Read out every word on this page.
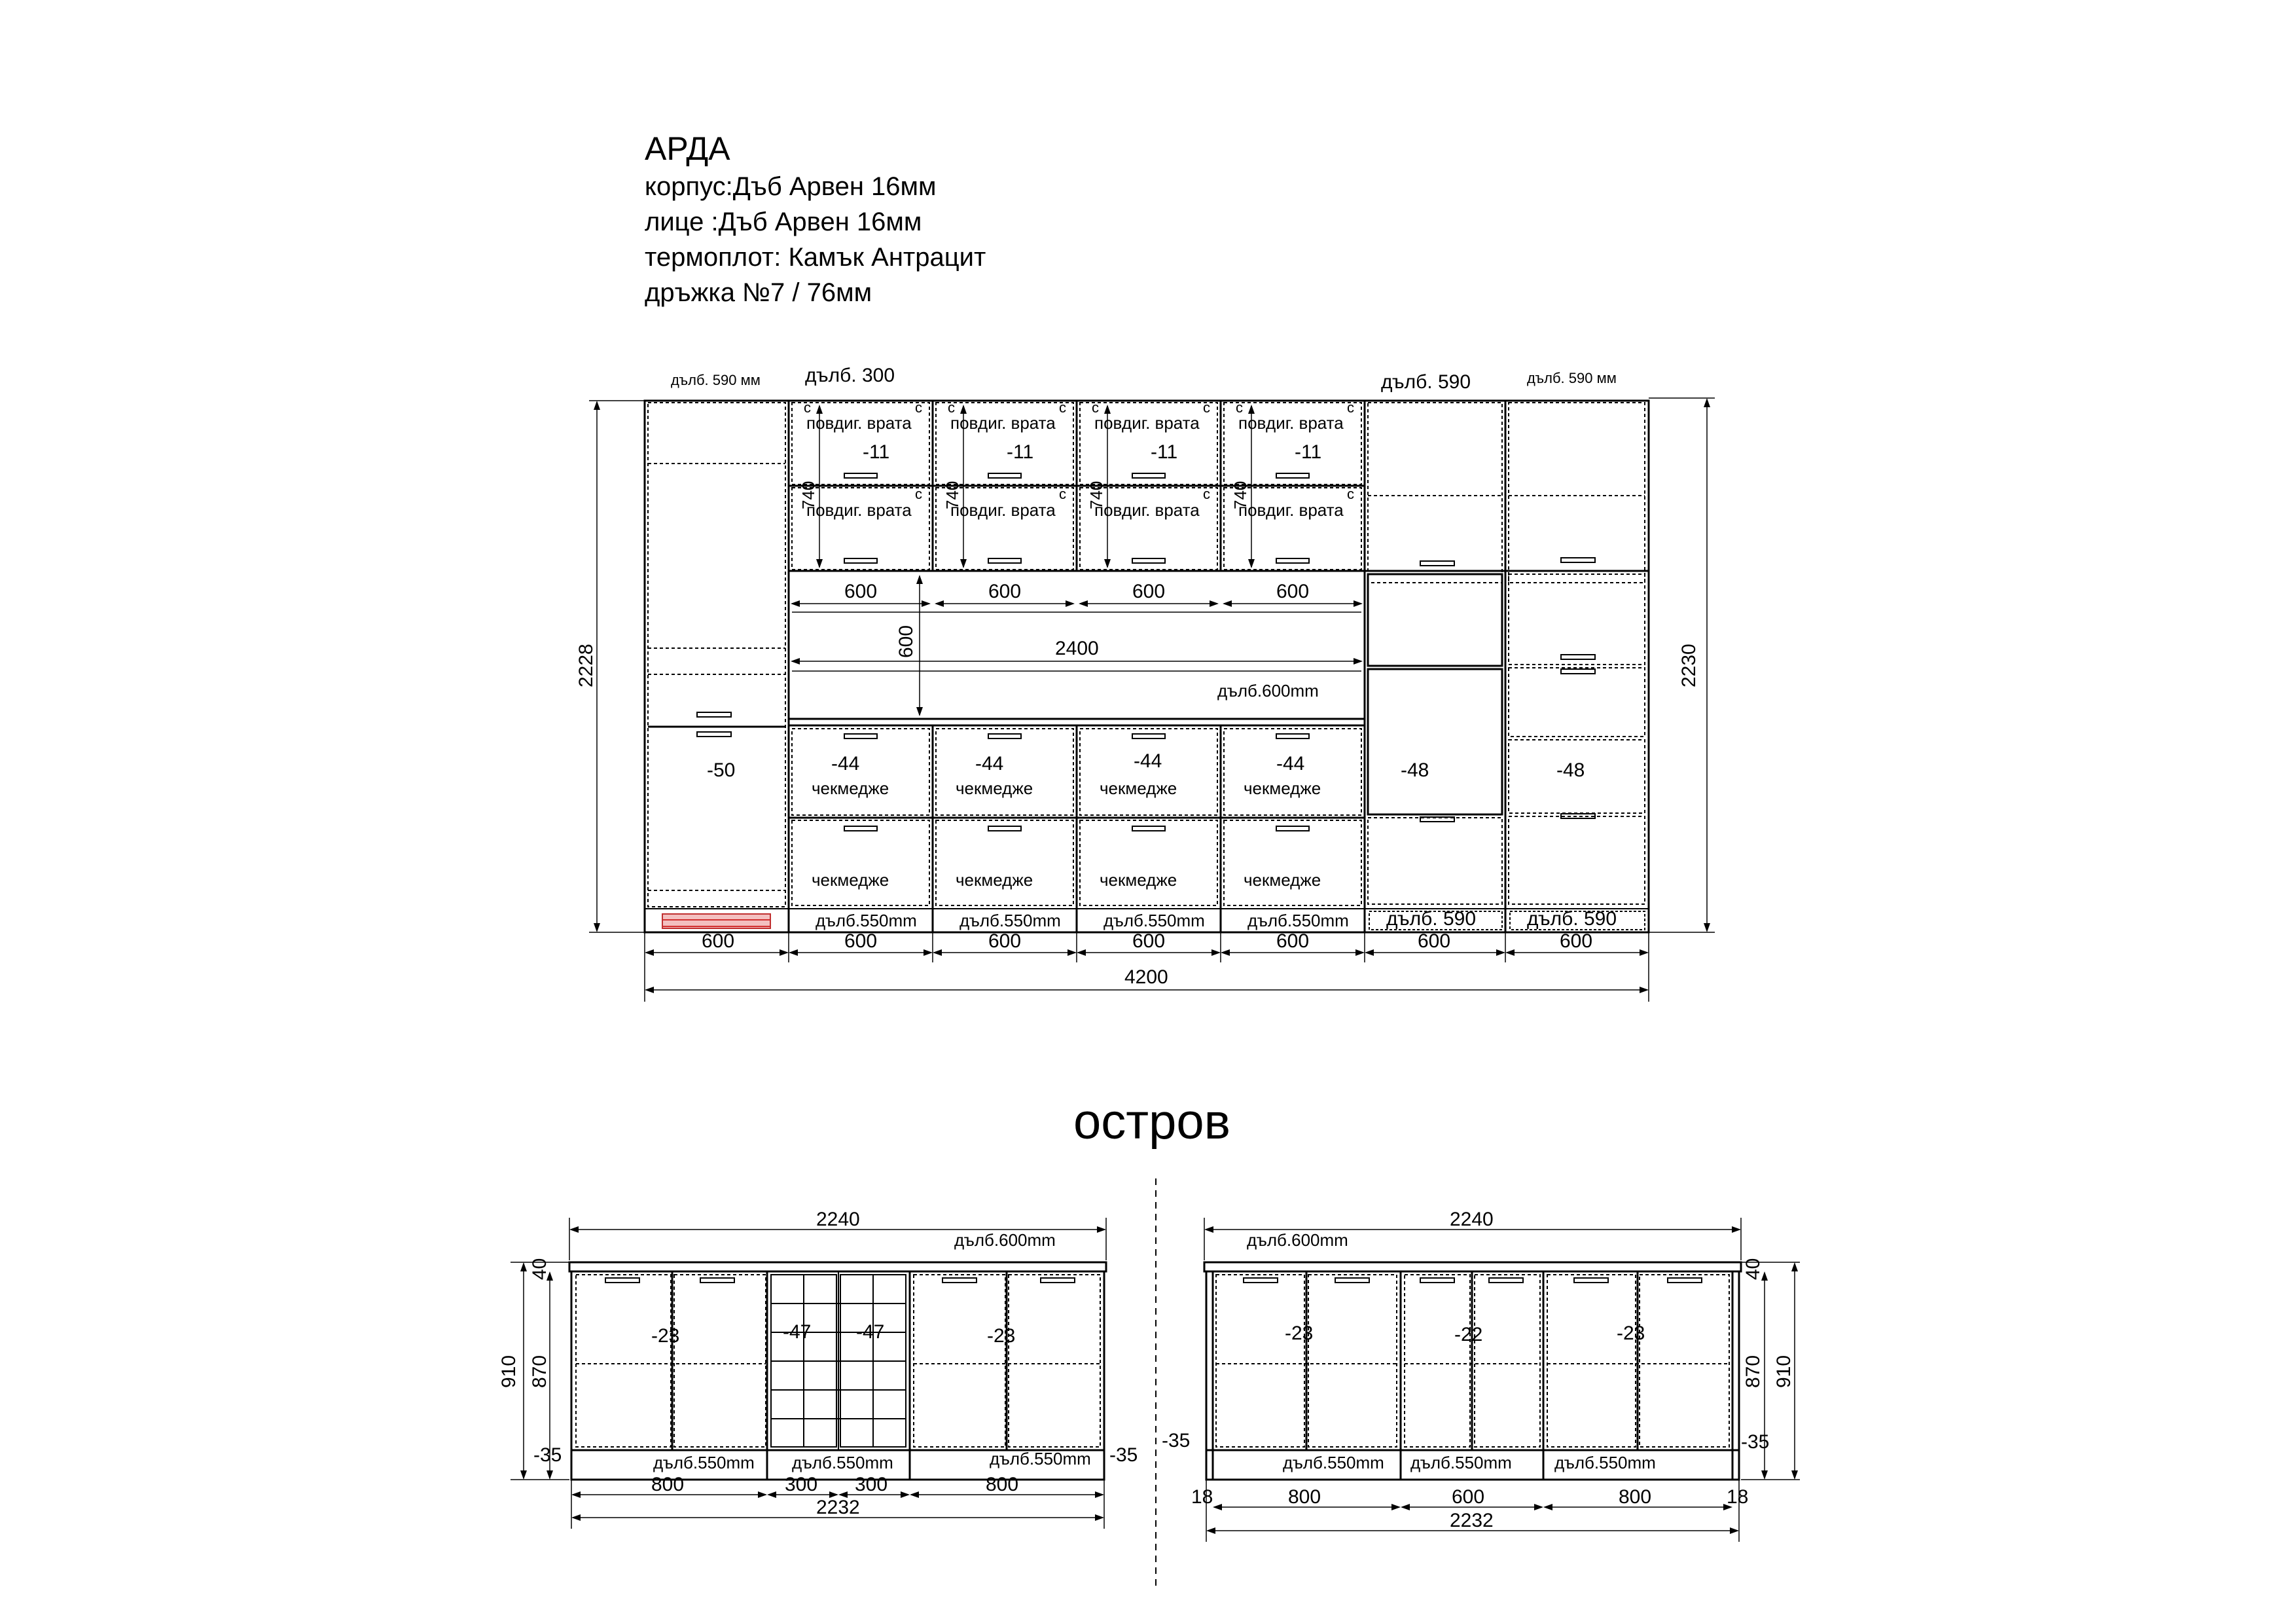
АРДА
корпус:Дъб Арвен 16мм
лице :Дъб Арвен 16мм
термоплот: Камък Антрацит
дръжка №7 / 76мм
остров
c	c c	c c	c c	c
c	c	c	c
повдиг. врата повдиг. врата повдиг. врата повдиг. врата
повдиг. врата повдиг. врата повдиг. врата повдиг. врата
-11	-11	-11	-11
740	740	740	740
600	600	600	600
2400
600
дълб.600mm
-44	-44	-44	-44
чекмедже	чекмедже	чекмедже	чекмедже
чекмедже	чекмедже	чекмедже	чекмедже
-50	-48	-48
дълб. 590 мм дълб. 300	дълб. 590	дълб. 590 мм
дълб.550mm	дълб.550mm	дълб.550mm	дълб.550mm дълб. 590	дълб. 590
2228	2230
600	600	600	600	600	600	600
4200
-23	-47 -47	-23
дълб.600mm
2240
дълб.550mm дълб.550mm	дълб.550mm
800	300 300	800
2232
910 870
40
-35	-35
-23	-22	-23
дълб.600mm
2240
дълб.550mm дълб.550mm	дълб.550mm
800	600	800
18	18
2232
910
870
40
-35	-35
